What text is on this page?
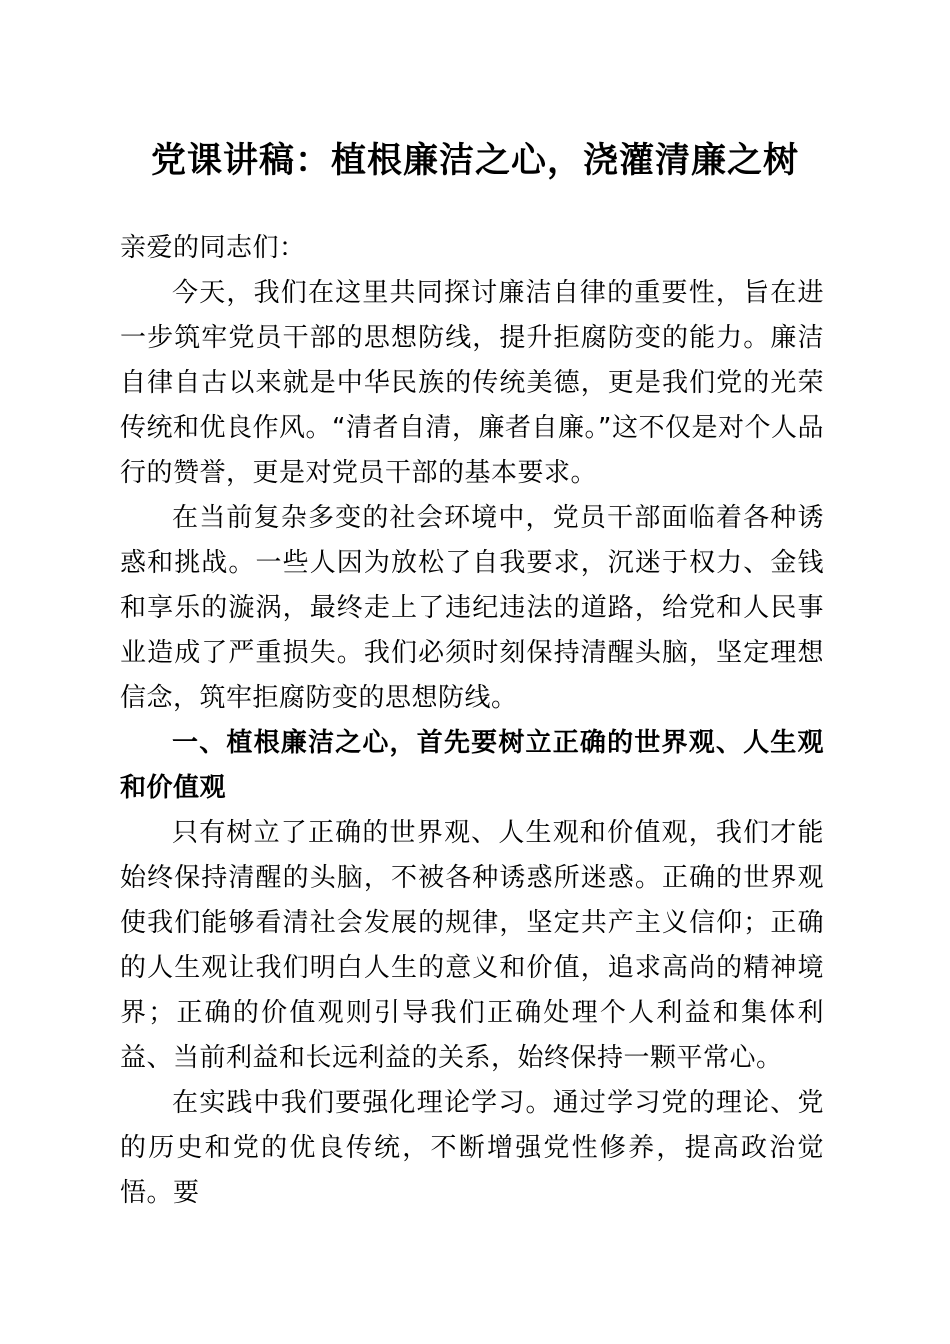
党课讲稿：植根廉洁之心，浇灌清廉之树

亲爱的同志们：

今天，我们在这里共同探讨廉洁自律的重要性，旨在进一步筑牢党员干部的思想防线，提升拒腐防变的能力。廉洁自律自古以来就是中华民族的传统美德，更是我们党的光荣传统和优良作风。“清者自清，廉者自廉。”这不仅是对个人品行的赞誉，更是对党员干部的基本要求。

在当前复杂多变的社会环境中，党员干部面临着各种诱惑和挑战。一些人因为放松了自我要求，沉迷于权力、金钱和享乐的漩涡，最终走上了违纪违法的道路，给党和人民事业造成了严重损失。我们必须时刻保持清醒头脑，坚定理想信念，筑牢拒腐防变的思想防线。

一、植根廉洁之心，首先要树立正确的世界观、人生观和价值观

只有树立了正确的世界观、人生观和价值观，我们才能始终保持清醒的头脑，不被各种诱惑所迷惑。正确的世界观使我们能够看清社会发展的规律，坚定共产主义信仰；正确的人生观让我们明白人生的意义和价值，追求高尚的精神境界；正确的价值观则引导我们正确处理个人利益和集体利益、当前利益和长远利益的关系，始终保持一颗平常心。

在实践中我们要强化理论学习。通过学习党的理论、党的历史和党的优良传统，不断增强党性修养，提高政治觉悟。要
